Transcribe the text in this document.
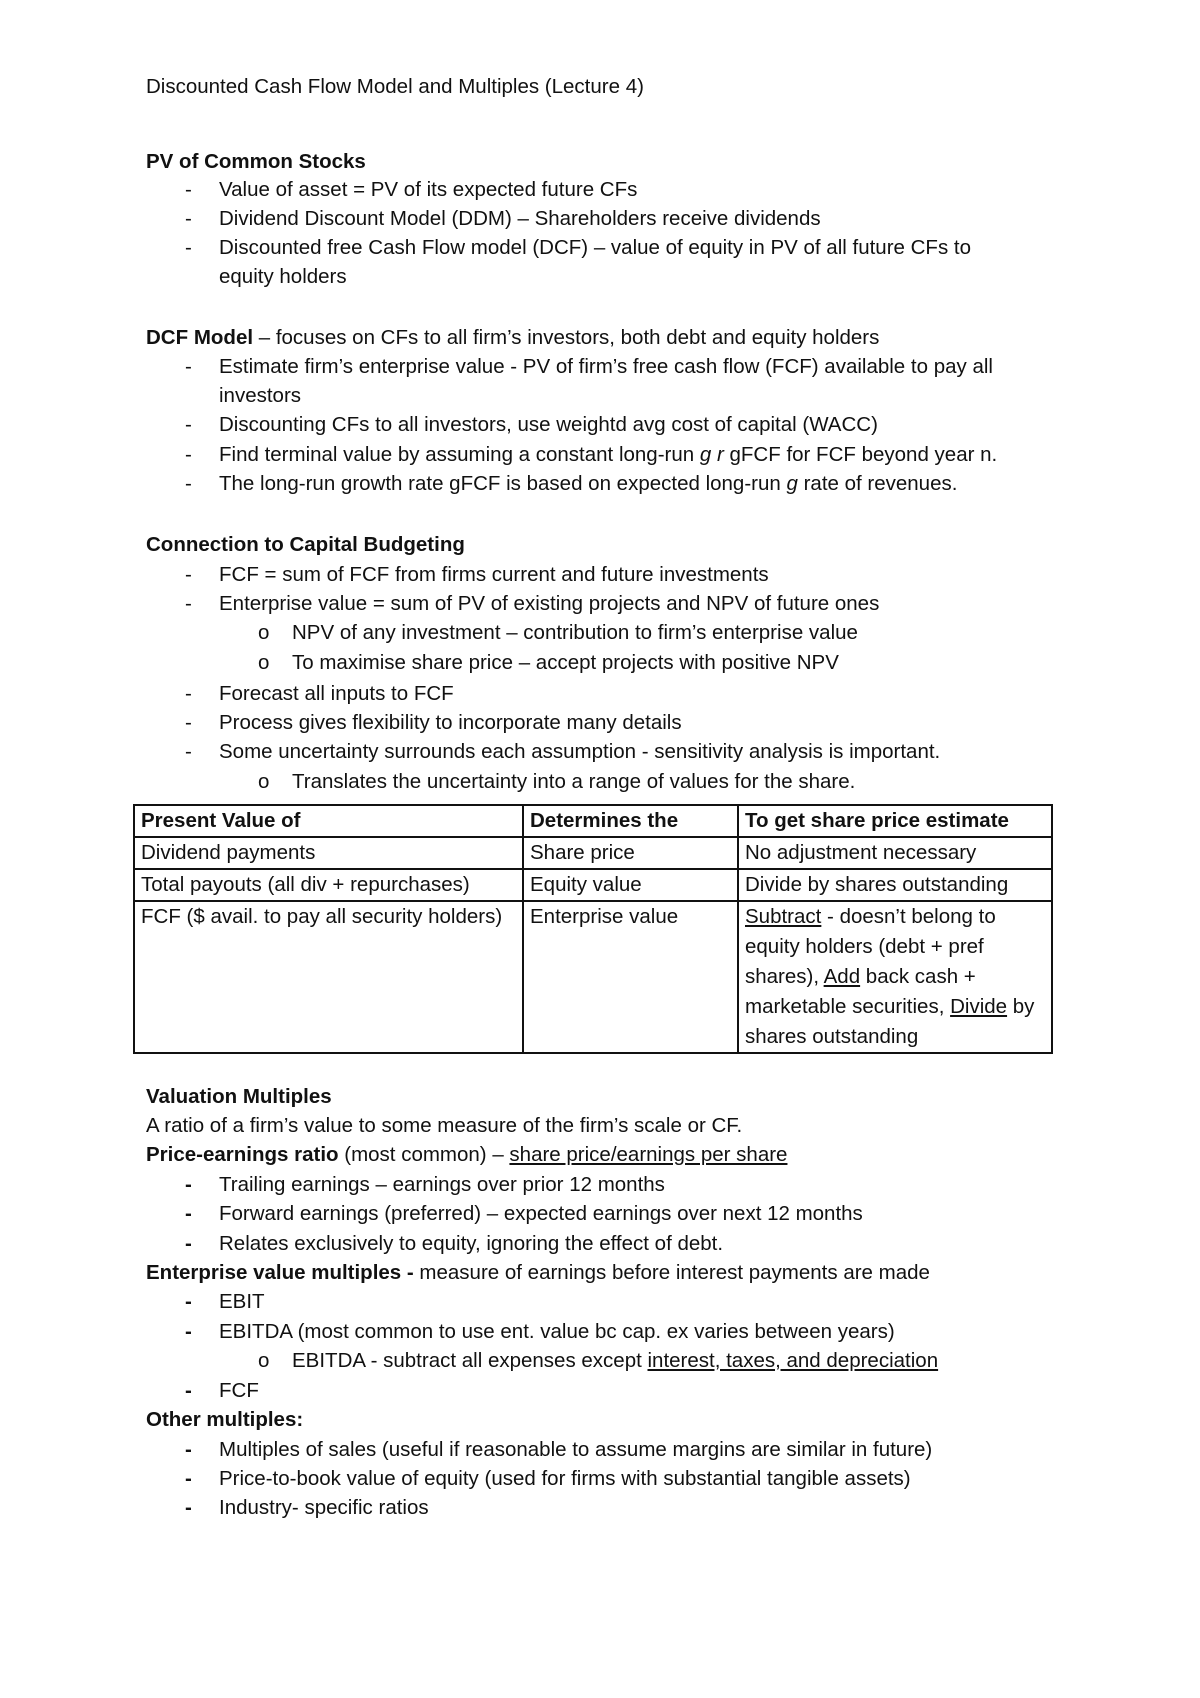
Discounted Cash Flow Model and Multiples (Lecture 4)
PV of Common Stocks
- Value of asset = PV of its expected future CFs
- Dividend Discount Model (DDM) – Shareholders receive dividends
- Discounted free Cash Flow model (DCF) – value of equity in PV of all future CFs to
equity holders
DCF Model – focuses on CFs to all firm’s investors, both debt and equity holders
- Estimate firm’s enterprise value - PV of firm’s free cash flow (FCF) available to pay all
investors
- Discounting CFs to all investors, use weightd avg cost of capital (WACC)
- Find terminal value by assuming a constant long-run g r gFCF for FCF beyond year n.
- The long-run growth rate gFCF is based on expected long-run g rate of revenues.
Connection to Capital Budgeting
- FCF = sum of FCF from firms current and future investments
- Enterprise value = sum of PV of existing projects and NPV of future ones
o NPV of any investment – contribution to firm’s enterprise value
o To maximise share price – accept projects with positive NPV
- Forecast all inputs to FCF
- Process gives flexibility to incorporate many details
- Some uncertainty surrounds each assumption - sensitivity analysis is important.
o Translates the uncertainty into a range of values for the share.
Present Value of	Determines the	To get share price estimate
Dividend payments	Share price	No adjustment necessary
Total payouts (all div + repurchases)	Equity value	Divide by shares outstanding
FCF ($ avail. to pay all security holders)	Enterprise value	Subtract - doesn’t belong to equity holders (debt + pref shares), Add back cash + marketable securities, Divide by shares outstanding
Valuation Multiples
A ratio of a firm’s value to some measure of the firm’s scale or CF.
Price-earnings ratio (most common) – share price/earnings per share
- Trailing earnings – earnings over prior 12 months
- Forward earnings (preferred) – expected earnings over next 12 months
- Relates exclusively to equity, ignoring the effect of debt.
Enterprise value multiples - measure of earnings before interest payments are made
- EBIT
- EBITDA (most common to use ent. value bc cap. ex varies between years)
o EBITDA - subtract all expenses except interest, taxes, and depreciation
- FCF
Other multiples:
- Multiples of sales (useful if reasonable to assume margins are similar in future)
- Price-to-book value of equity (used for firms with substantial tangible assets)
- Industry- specific ratios
